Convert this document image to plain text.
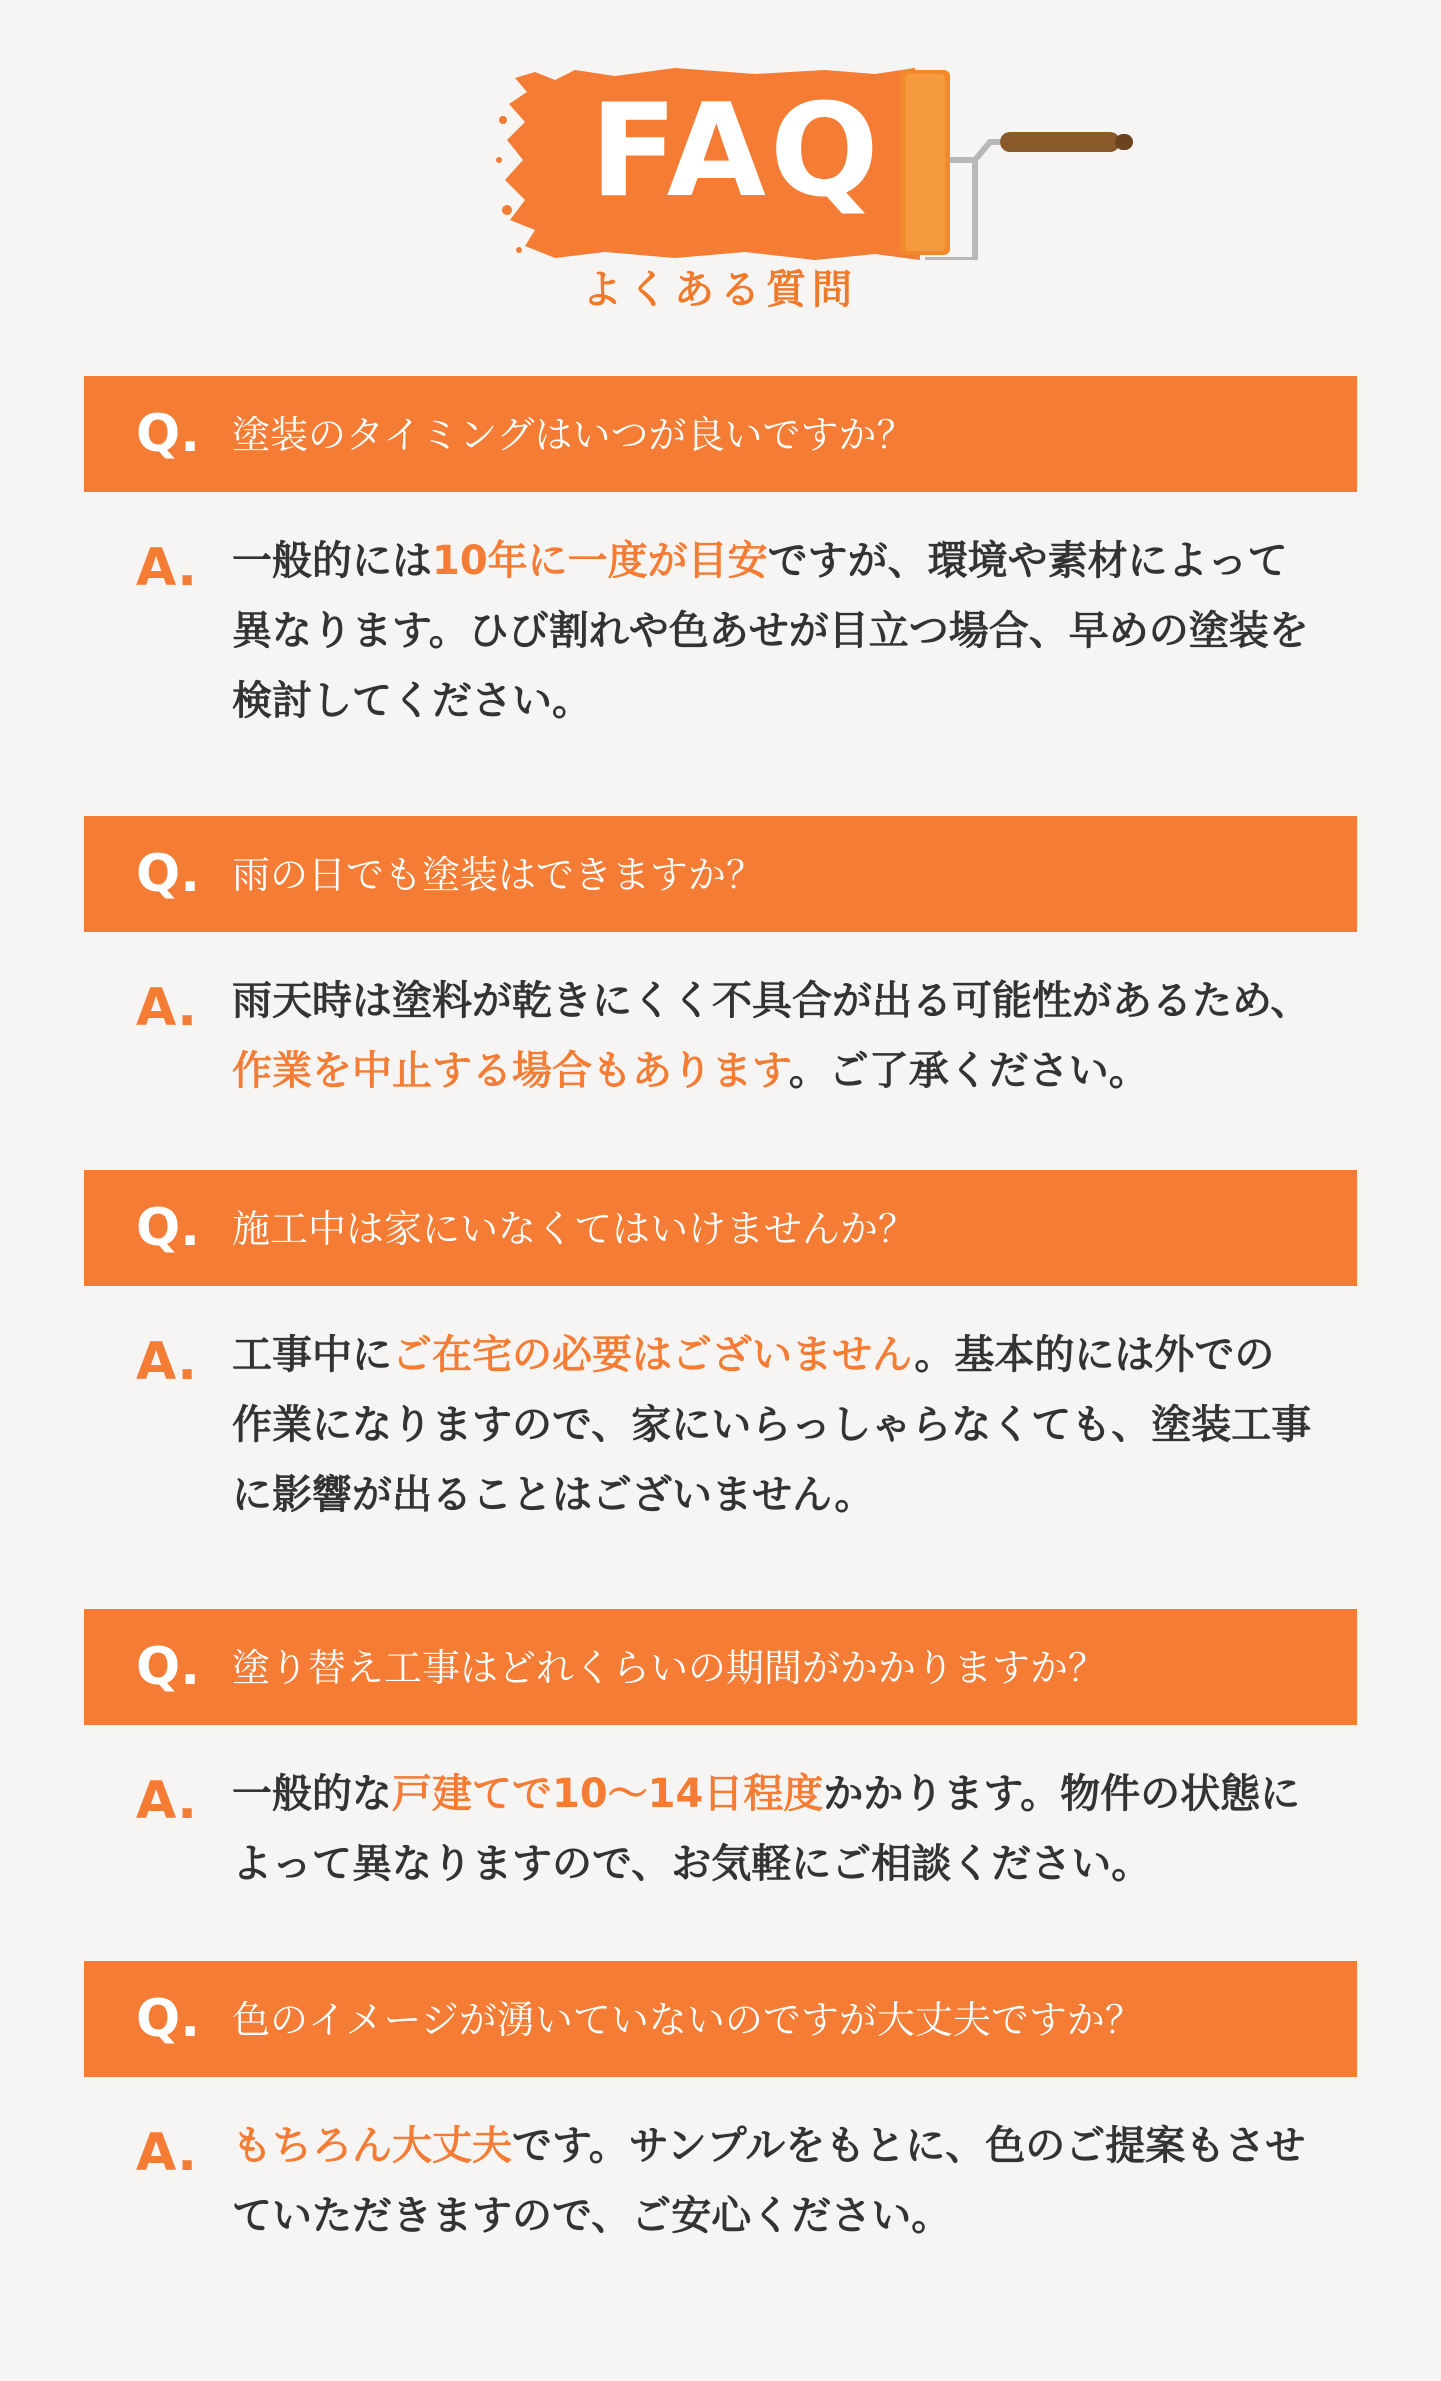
FAQ
よくある質問
Q. 塗装のタイミングはいつが良いですか？
A. 一般的には10年に一度が目安ですが、環境や素材によって異なります。ひび割れや色あせが目立つ場合、早めの塗装を検討してください。
Q. 雨の日でも塗装はできますか？
A. 雨天時は塗料が乾きにくく不具合が出る可能性があるため、作業を中止する場合もあります。ご了承ください。
Q. 施工中は家にいなくてはいけませんか？
A. 工事中にご在宅の必要はございません。基本的には外での作業になりますので、家にいらっしゃらなくても、塗装工事に影響が出ることはございません。
Q. 塗り替え工事はどれくらいの期間がかかりますか？
A. 一般的な戸建てで10〜14日程度かかります。物件の状態によって異なりますので、お気軽にご相談ください。
Q. 色のイメージが湧いていないのですが大丈夫ですか？
A. もちろん大丈夫です。サンプルをもとに、色のご提案もさせていただきますので、ご安心ください。
